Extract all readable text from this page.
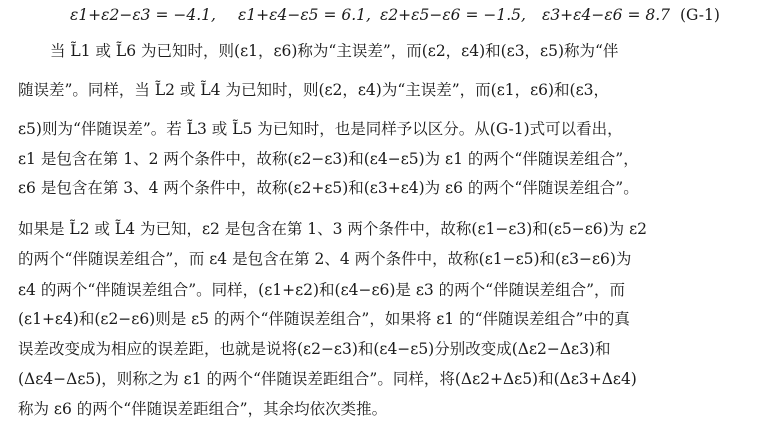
ε1+ε2−ε3 = −4.1, ε1+ε4−ε5 = 6.1, ε2+ε5−ε6 = −1.5, ε3+ε4−ε6 = 8.7 (G-1)
当 L̃1 或 L̃6 为已知时，则(ε1，ε6)称为“主误差”，而(ε2，ε4)和(ε3，ε5)称为“伴
随误差”。同样，当 L̃2 或 L̃4 为已知时，则(ε2，ε4)为“主误差”，而(ε1，ε6)和(ε3，
ε5)则为“伴随误差”。若 L̃3 或 L̃5 为已知时，也是同样予以区分。从(G-1)式可以看出，
ε1 是包含在第 1、2 两个条件中，故称(ε2−ε3)和(ε4−ε5)为 ε1 的两个“伴随误差组合”，
ε6 是包含在第 3、4 两个条件中，故称(ε2+ε5)和(ε3+ε4)为 ε6 的两个“伴随误差组合”。
如果是 L̃2 或 L̃4 为已知，ε2 是包含在第 1、3 两个条件中，故称(ε1−ε3)和(ε5−ε6)为 ε2
的两个“伴随误差组合”，而 ε4 是包含在第 2、4 两个条件中，故称(ε1−ε5)和(ε3−ε6)为
ε4 的两个“伴随误差组合”。同样，(ε1+ε2)和(ε4−ε6)是 ε3 的两个“伴随误差组合”，而
(ε1+ε4)和(ε2−ε6)则是 ε5 的两个“伴随误差组合”，如果将 ε1 的“伴随误差组合”中的真
误差改变成为相应的误差距，也就是说将(ε2−ε3)和(ε4−ε5)分别改变成(Δε2−Δε3)和
(Δε4−Δε5)，则称之为 ε1 的两个“伴随误差距组合”。同样，将(Δε2+Δε5)和(Δε3+Δε4)
称为 ε6 的两个“伴随误差距组合”，其余均依次类推。
